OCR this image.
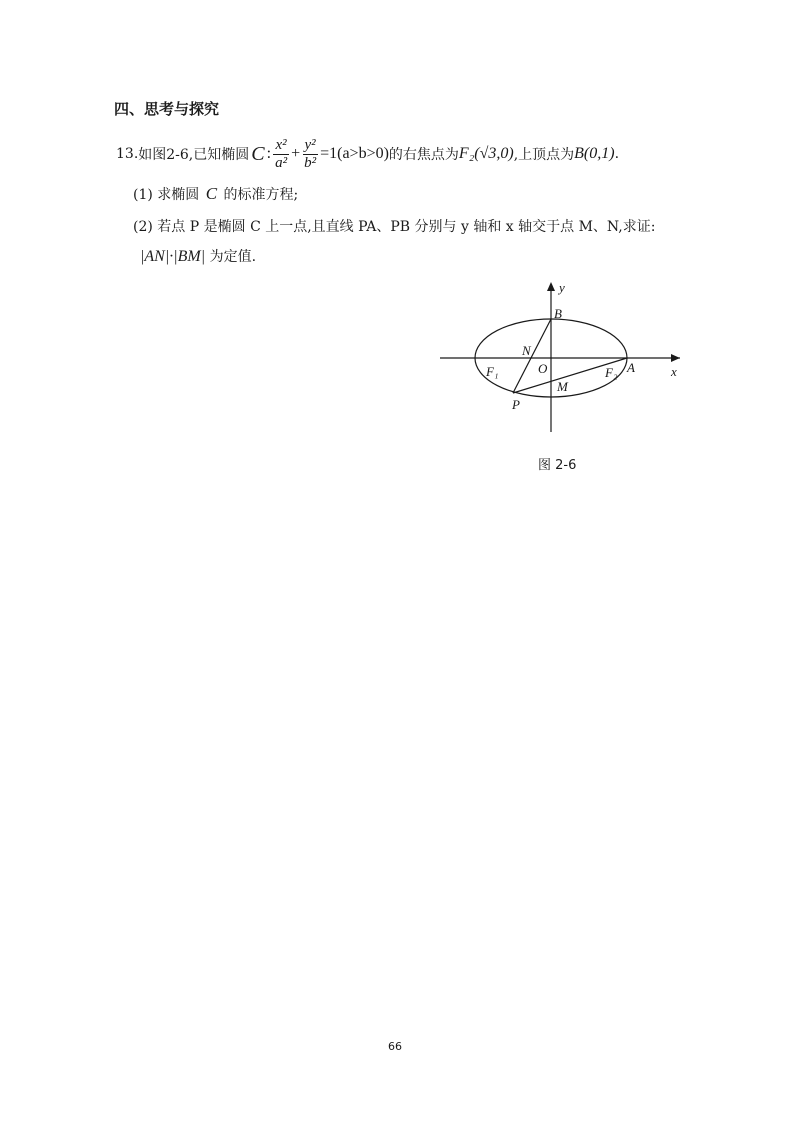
四、思考与探究
13. 如图2-6,已知椭圆 C : $\frac{\text{x²}}{\text{a²}} + \frac{\text{y²}}{\text{b²}} =1(a>b>0)$ 的右焦点为 F₂(√3,0) ,上顶点为 B(0,1) .
(1) 求椭圆 C 的标准方程;
(2) 若点 P 是椭圆 C 上一点,且直线 PA、PB 分别与 y 轴和 x 轴交于点 M、N,求证:
|AN|·|BM| 为定值.
y
x
B
N
O
F₁	F₂ A
M
P
图 2-6
66
